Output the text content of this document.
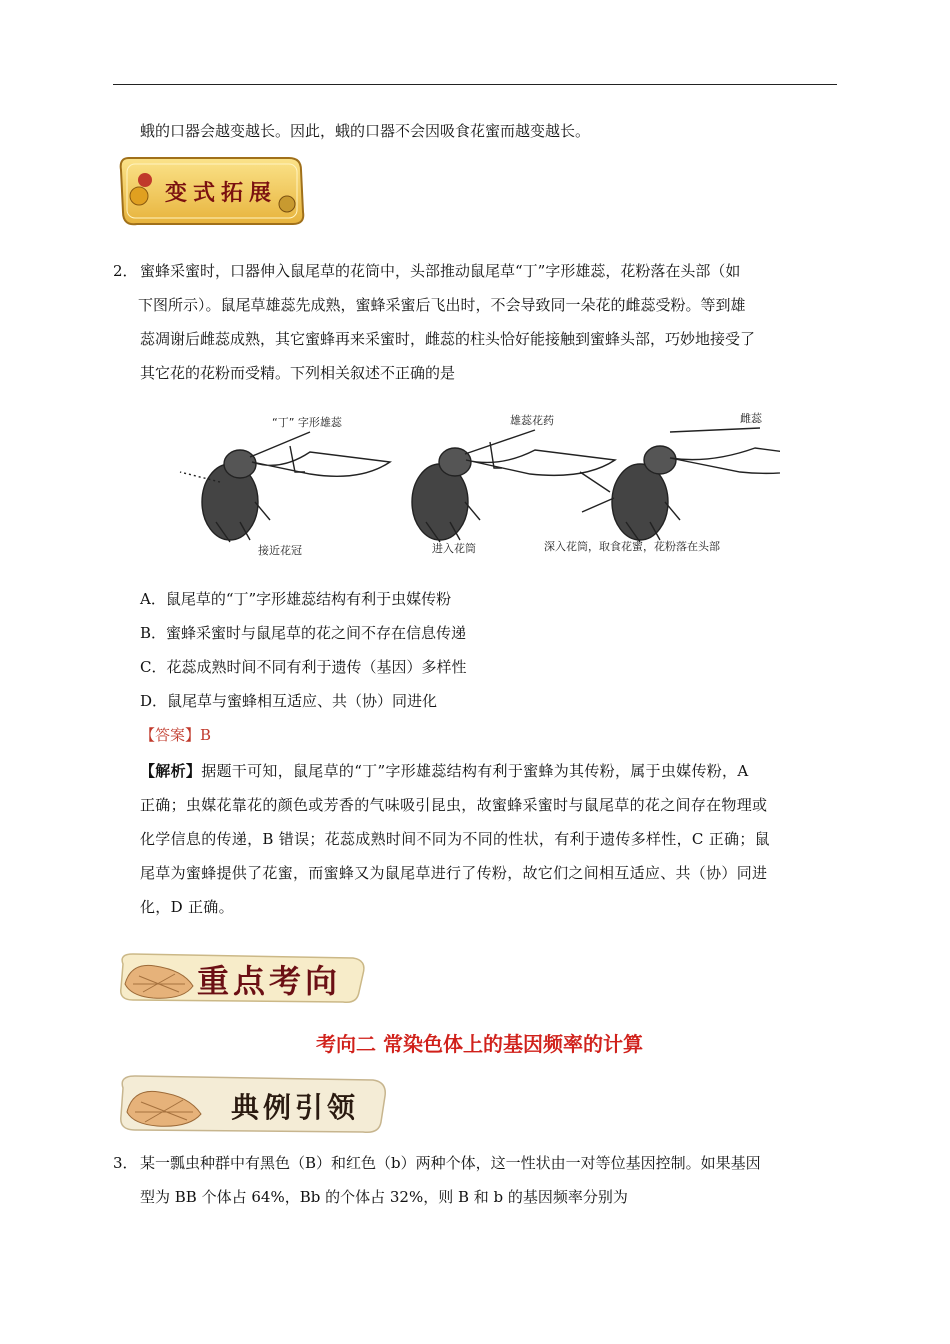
蛾的口器会越变越长。因此，蛾的口器不会因吸食花蜜而越变越长。
变式拓展
2． 蜜蜂采蜜时，口器伸入鼠尾草的花筒中，头部推动鼠尾草“丁”字形雄蕊，花粉落在头部（如

下图所示）。鼠尾草雄蕊先成熟，蜜蜂采蜜后飞出时，不会导致同一朵花的雌蕊受粉。等到雄

蕊凋谢后雌蕊成熟，其它蜜蜂再来采蜜时，雌蕊的柱头恰好能接触到蜜蜂头部，巧妙地接受了

其它花的花粉而受精。下列相关叙述不正确的是

“丁” 字形雄蕊	雄蕊花药	雌蕊
接近花冠	进入花筒	深入花筒，取食花蜜，花粉落在头部
A．鼠尾草的“丁”字形雄蕊结构有利于虫媒传粉
B．蜜蜂采蜜时与鼠尾草的花之间不存在信息传递
C．花蕊成熟时间不同有利于遗传（基因）多样性
D．鼠尾草与蜜蜂相互适应、共（协）同进化
【答案】B

【解析】据题干可知，鼠尾草的“丁”字形雄蕊结构有利于蜜蜂为其传粉，属于虫媒传粉，A

正确；虫媒花靠花的颜色或芳香的气味吸引昆虫，故蜜蜂采蜜时与鼠尾草的花之间存在物理或

化学信息的传递，B 错误；花蕊成熟时间不同为不同的性状，有利于遗传多样性，C 正确；鼠

尾草为蜜蜂提供了花蜜，而蜜蜂又为鼠尾草进行了传粉，故它们之间相互适应、共（协）同进

化，D 正确。

重点考向
考向二 常染色体上的基因频率的计算
典例引领
3． 某一瓢虫种群中有黑色（B）和红色（b）两种个体，这一性状由一对等位基因控制。如果基因

型为 BB 个体占 64%，Bb 的个体占 32%，则 B 和 b 的基因频率分别为
